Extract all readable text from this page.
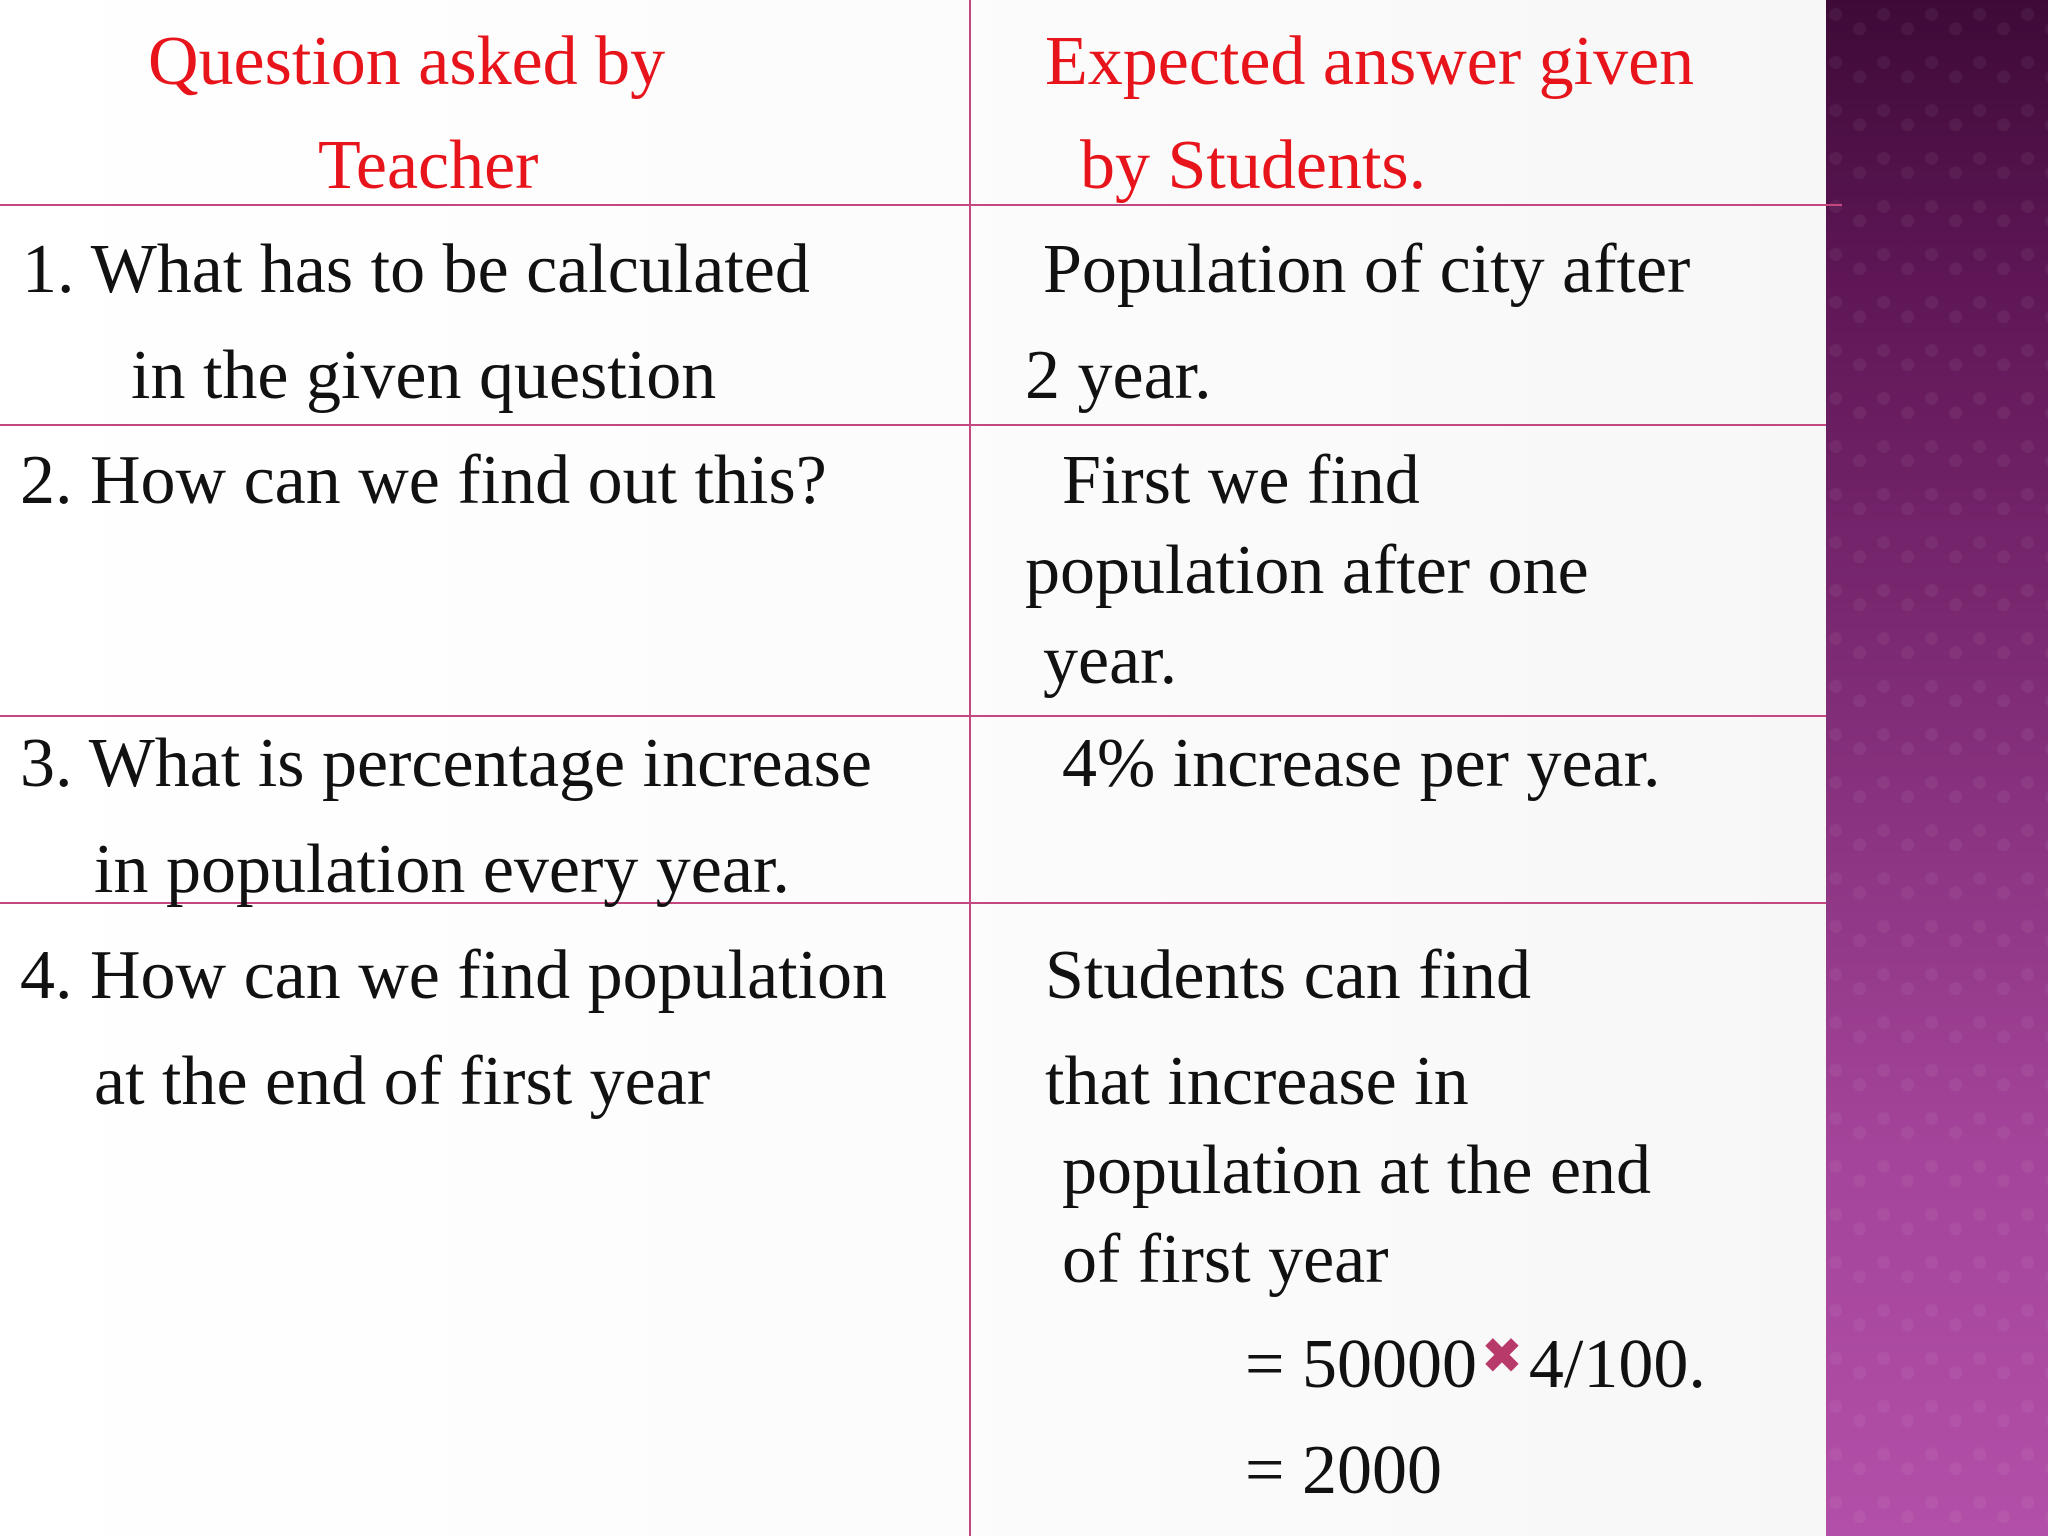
Question asked by
Teacher
Expected answer given
by Students.
1. What has to be calculated
in the given question
Population of city after
2 year.
2. How can we find out this?	First we find
population after one
year.
3. What is percentage increase
in population every year.
4% increase per year.
4. How can we find population
at the end of first year
Students can find
that increase in
population at the end
of first year
= 50000✖4/100.
= 2000
